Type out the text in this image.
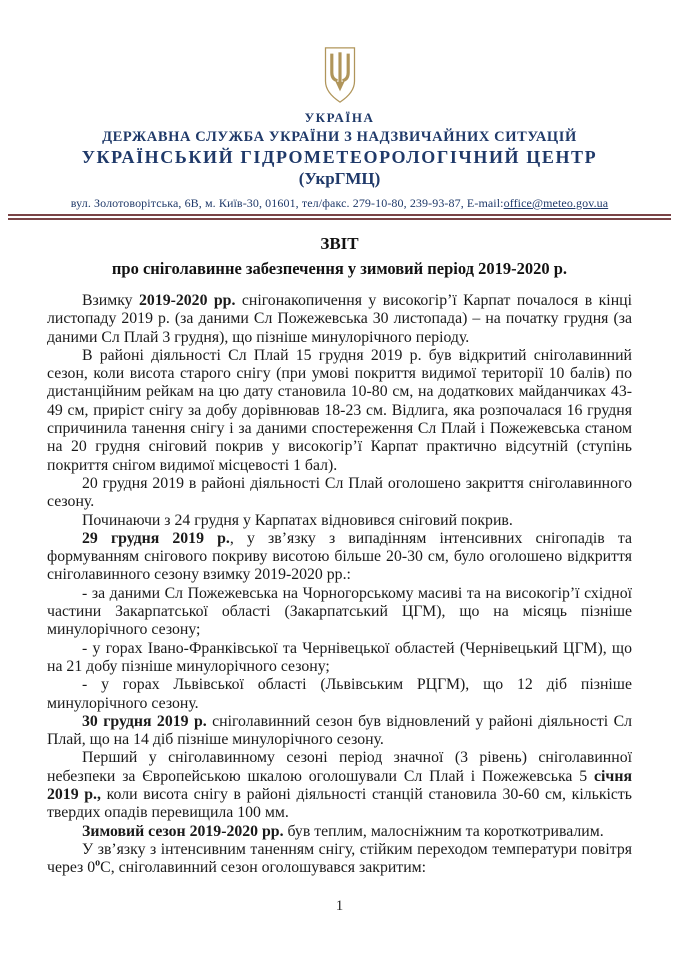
УКРАЇНА
ДЕРЖАВНА СЛУЖБА УКРАЇНИ З НАДЗВИЧАЙНИХ СИТУАЦІЙ
УКРАЇНСЬКИЙ ГІДРОМЕТЕОРОЛОГІЧНИЙ ЦЕНТР
(УкрГМЦ)
вул. Золотоворітська, 6В, м. Київ-30, 01601, тел/факс. 279-10-80, 239-93-87, E-mail:office@meteo.gov.ua
ЗВІТ
про сніголавинне забезпечення у зимовий період 2019-2020 р.

Взимку 2019-2020 рр. снігонакопичення у високогір’ї Карпат почалося в кінці листопаду 2019 р. (за даними Сл Пожежевська 30 листопада) – на початку грудня (за даними Сл Плай 3 грудня), що пізніше минулорічного періоду.

В районі діяльності Сл Плай 15 грудня 2019 р. був відкритий сніголавинний сезон, коли висота старого снігу (при умові покриття видимої території 10 балів) по дистанційним рейкам на цю дату становила 10-80 см, на додаткових майданчиках 43-49 см, приріст снігу за добу дорівнював 18-23 см. Відлига, яка розпочалася 16 грудня спричинила танення снігу і за даними спостереження Сл Плай і Пожежевська станом на 20 грудня сніговий покрив у високогір’ї Карпат практично відсутній (ступінь покриття снігом видимої місцевості 1 бал).

20 грудня 2019 в районі діяльності Сл Плай оголошено закриття сніголавинного сезону.

Починаючи з 24 грудня у Карпатах відновився сніговий покрив.

29 грудня 2019 р., у зв’язку з випадінням інтенсивних снігопадів та формуванням снігового покриву висотою більше 20-30 см, було оголошено відкриття сніголавинного сезону взимку 2019-2020 рр.:

- за даними Сл Пожежевська на Чорногорському масиві та на високогір’ї східної частини Закарпатської області (Закарпатський ЦГМ), що на місяць пізніше минулорічного сезону;

- у горах Івано-Франківської та Чернівецької областей (Чернівецький ЦГМ), що на 21 добу пізніше минулорічного сезону;

- у горах Львівської області (Львівським РЦГМ), що 12 діб пізніше минулорічного сезону.

30 грудня 2019 р. сніголавинний сезон був відновлений у районі діяльності Сл Плай, що на 14 діб пізніше минулорічного сезону.

Перший у сніголавинному сезоні період значної (3 рівень) сніголавинної небезпеки за Європейською шкалою оголошували Сл Плай і Пожежевська 5 січня 2019 р., коли висота снігу в районі діяльності станцій становила 30-60 см, кількість твердих опадів перевищила 100 мм.

Зимовий сезон 2019-2020 рр. був теплим, малосніжним та короткотривалим.

У зв’язку з інтенсивним таненням снігу, стійким переходом температури повітря через $0^оС$, сніголавинний сезон оголошувався закритим:

1
